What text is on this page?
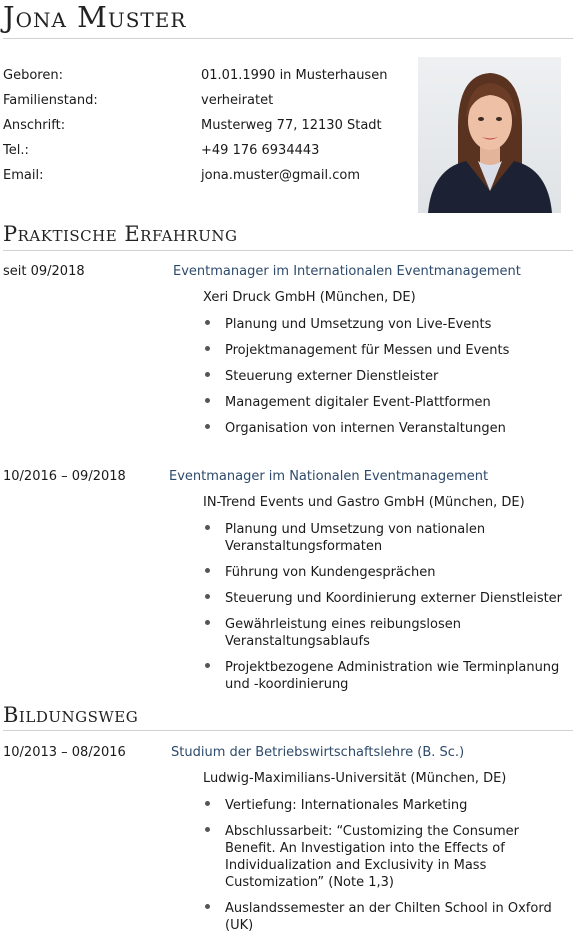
Jona Muster
Geboren:	01.01.1990 in Musterhausen
Familienstand:	verheiratet
Anschrift:	Musterweg 77, 12130 Stadt
Tel.:	+49 176 6934443
Email:	jona.muster@gmail.com
Praktische Erfahrung
seit 09/2018	Eventmanager im Internationalen Eventmanagement
Xeri Druck GmbH (München, DE)
Planung und Umsetzung von Live-Events
Projektmanagement für Messen und Events
Steuerung externer Dienstleister
Management digitaler Event-Plattformen
Organisation von internen Veranstaltungen
10/2016 – 09/2018	Eventmanager im Nationalen Eventmanagement
IN-Trend Events und Gastro GmbH (München, DE)
Planung und Umsetzung von nationalen Veranstaltungsformaten
Führung von Kundengesprächen
Steuerung und Koordinierung externer Dienstleister
Gewährleistung eines reibungslosen Veranstaltungsablaufs
Projektbezogene Administration wie Terminplanung und -koordinierung
Bildungsweg
10/2013 – 08/2016	Studium der Betriebswirtschaftslehre (B. Sc.)
Ludwig-Maximilians-Universität (München, DE)
Vertiefung: Internationales Marketing
Abschlussarbeit: “Customizing the Consumer Benefit. An Investigation into the Effects of Individualization and Exclusivity in Mass Customization” (Note 1,3)
Auslandssemester an der Chilten School in Oxford (UK)
